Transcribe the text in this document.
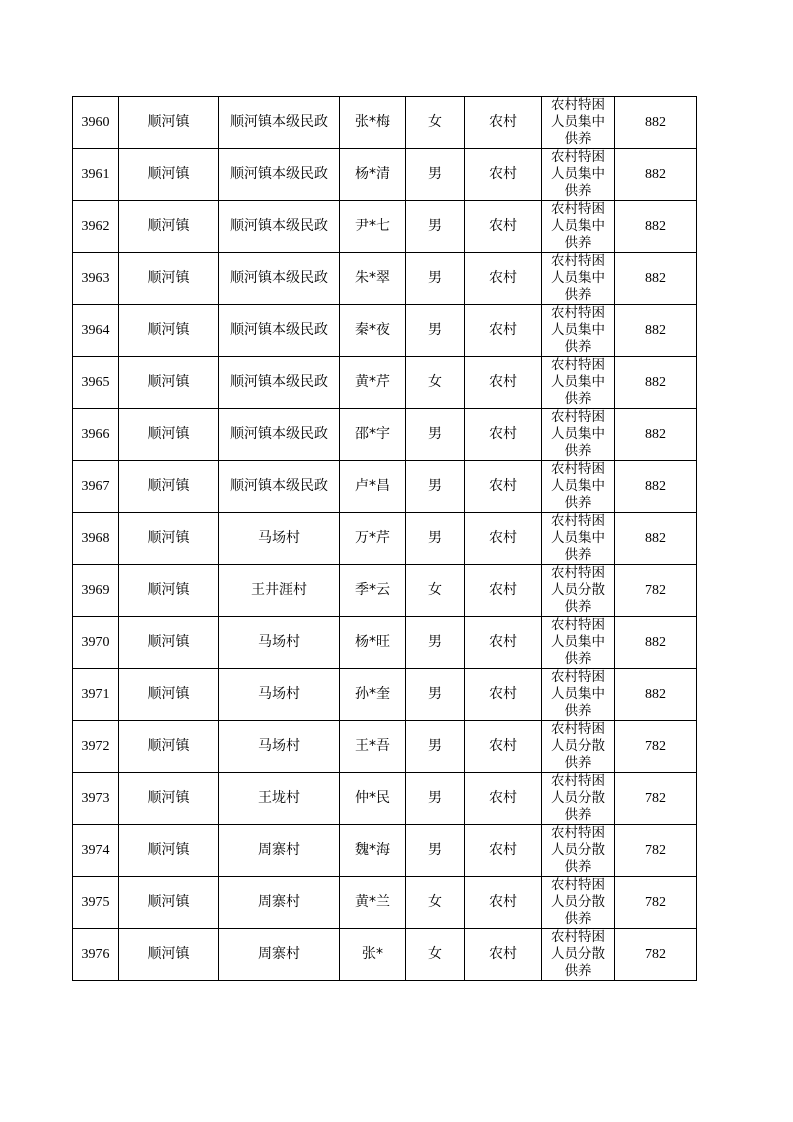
3960	顺河镇	顺河镇本级民政	张*梅	女	农村	农村特困人员集中供养	882
3961	顺河镇	顺河镇本级民政	杨*清	男	农村	农村特困人员集中供养	882
3962	顺河镇	顺河镇本级民政	尹*七	男	农村	农村特困人员集中供养	882
3963	顺河镇	顺河镇本级民政	朱*翠	男	农村	农村特困人员集中供养	882
3964	顺河镇	顺河镇本级民政	秦*夜	男	农村	农村特困人员集中供养	882
3965	顺河镇	顺河镇本级民政	黄*芹	女	农村	农村特困人员集中供养	882
3966	顺河镇	顺河镇本级民政	邵*宇	男	农村	农村特困人员集中供养	882
3967	顺河镇	顺河镇本级民政	卢*昌	男	农村	农村特困人员集中供养	882
3968	顺河镇	马场村	万*芹	男	农村	农村特困人员集中供养	882
3969	顺河镇	王井涯村	季*云	女	农村	农村特困人员分散供养	782
3970	顺河镇	马场村	杨*旺	男	农村	农村特困人员集中供养	882
3971	顺河镇	马场村	孙*奎	男	农村	农村特困人员集中供养	882
3972	顺河镇	马场村	王*吾	男	农村	农村特困人员分散供养	782
3973	顺河镇	王垅村	仲*民	男	农村	农村特困人员分散供养	782
3974	顺河镇	周寨村	魏*海	男	农村	农村特困人员分散供养	782
3975	顺河镇	周寨村	黄*兰	女	农村	农村特困人员分散供养	782
3976	顺河镇	周寨村	张*	女	农村	农村特困人员分散供养	782
